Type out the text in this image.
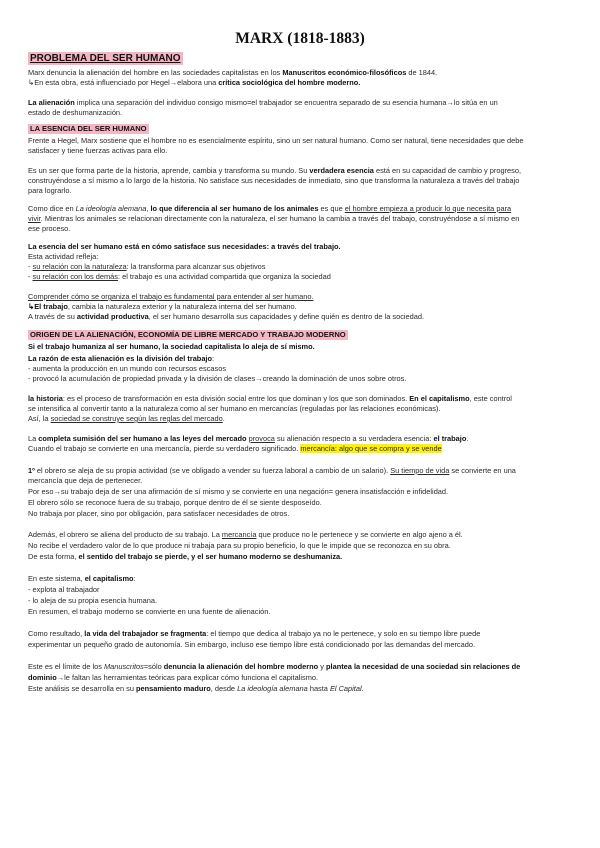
MARX (1818-1883)
PROBLEMA DEL SER HUMANO
Marx denuncia la alienación del hombre en las sociedades capitalistas en los Manuscritos económico-filosóficos de 1844.
↳En esta obra, está influenciado por Hegel→elabora una crítica sociológica del hombre moderno.
La alienación implica una separación del individuo consigo mismo=el trabajador se encuentra separado de su esencia humana→lo sitúa en un
estado de deshumanización.
LA ESENCIA DEL SER HUMANO
Frente a Hegel, Marx sostiene que el hombre no es esencialmente espíritu, sino un ser natural humano. Como ser natural, tiene necesidades que debe
satisfacer y tiene fuerzas activas para ello.
Es un ser que forma parte de la historia, aprende, cambia y transforma su mundo. Su verdadera esencia está en su capacidad de cambio y progreso,
construyéndose a sí mismo a lo largo de la historia. No satisface sus necesidades de inmediato, sino que transforma la naturaleza a través del trabajo
para lograrlo.
Como dice en La ideología alemana, lo que diferencia al ser humano de los animales es que el hombre empieza a producir lo que necesita para
vivir. Mientras los animales se relacionan directamente con la naturaleza, el ser humano la cambia a través del trabajo, construyéndose a sí mismo en
ese proceso.
La esencia del ser humano está en cómo satisface sus necesidades: a través del trabajo.
Esta actividad refleja:
- su relación con la naturaleza: la transforma para alcanzar sus objetivos
- su relación con los demás: el trabajo es una actividad compartida que organiza la sociedad
Comprender cómo se organiza el trabajo es fundamental para entender al ser humano.
↳El trabajo, cambia la naturaleza exterior y la naturaleza interna del ser humano.
A través de su actividad productiva, el ser humano desarrolla sus capacidades y define quién es dentro de la sociedad.
ORIGEN DE LA ALIENACIÓN, ECONOMÍA DE LIBRE MERCADO Y TRABAJO MODERNO
Si el trabajo humaniza al ser humano, la sociedad capitalista lo aleja de sí mismo.
La razón de esta alienación es la división del trabajo:
- aumenta la producción en un mundo con recursos escasos
- provocó la acumulación de propiedad privada y la división de clases→creando la dominación de unos sobre otros.
la historia: es el proceso de transformación en esta división social entre los que dominan y los que son dominados. En el capitalismo, este control
se intensifica al convertir tanto a la naturaleza como al ser humano en mercancías (reguladas por las relaciones económicas).
Así, la sociedad se construye según las reglas del mercado.
La completa sumisión del ser humano a las leyes del mercado provoca su alienación respecto a su verdadera esencia: el trabajo.
Cuando el trabajo se convierte en una mercancía, pierde su verdadero significado. mercancía: algo que se compra y se vende
1º el obrero se aleja de su propia actividad (se ve obligado a vender su fuerza laboral a cambio de un salario). Su tiempo de vida se convierte en una
mercancía que deja de pertenecer.
Por eso→su trabajo deja de ser una afirmación de sí mismo y se convierte en una negación= genera insatisfacción e infidelidad.
El obrero sólo se reconoce fuera de su trabajo, porque dentro de él se siente desposeído.
No trabaja por placer, sino por obligación, para satisfacer necesidades de otros.
Además, el obrero se aliena del producto de su trabajo. La mercancía que produce no le pertenece y se convierte en algo ajeno a él.
No recibe el verdadero valor de lo que produce ni trabaja para su propio beneficio, lo que le impide que se reconozca en su obra.
De esta forma, el sentido del trabajo se pierde, y el ser humano moderno se deshumaniza.
En este sistema, el capitalismo:
- explota al trabajador
- lo aleja de su propia esencia humana.
En resumen, el trabajo moderno se convierte en una fuente de alienación.
Como resultado, la vida del trabajador se fragmenta: el tiempo que dedica al trabajo ya no le pertenece, y solo en su tiempo libre puede
experimentar un pequeño grado de autonomía. Sin embargo, incluso ese tiempo libre está condicionado por las demandas del mercado.
Este es el límite de los Manuscritos=sólo denuncia la alienación del hombre moderno y plantea la necesidad de una sociedad sin relaciones de
dominio→le faltan las herramientas teóricas para explicar cómo funciona el capitalismo.
Este análisis se desarrolla en su pensamiento maduro, desde La ideología alemana hasta El Capital.
